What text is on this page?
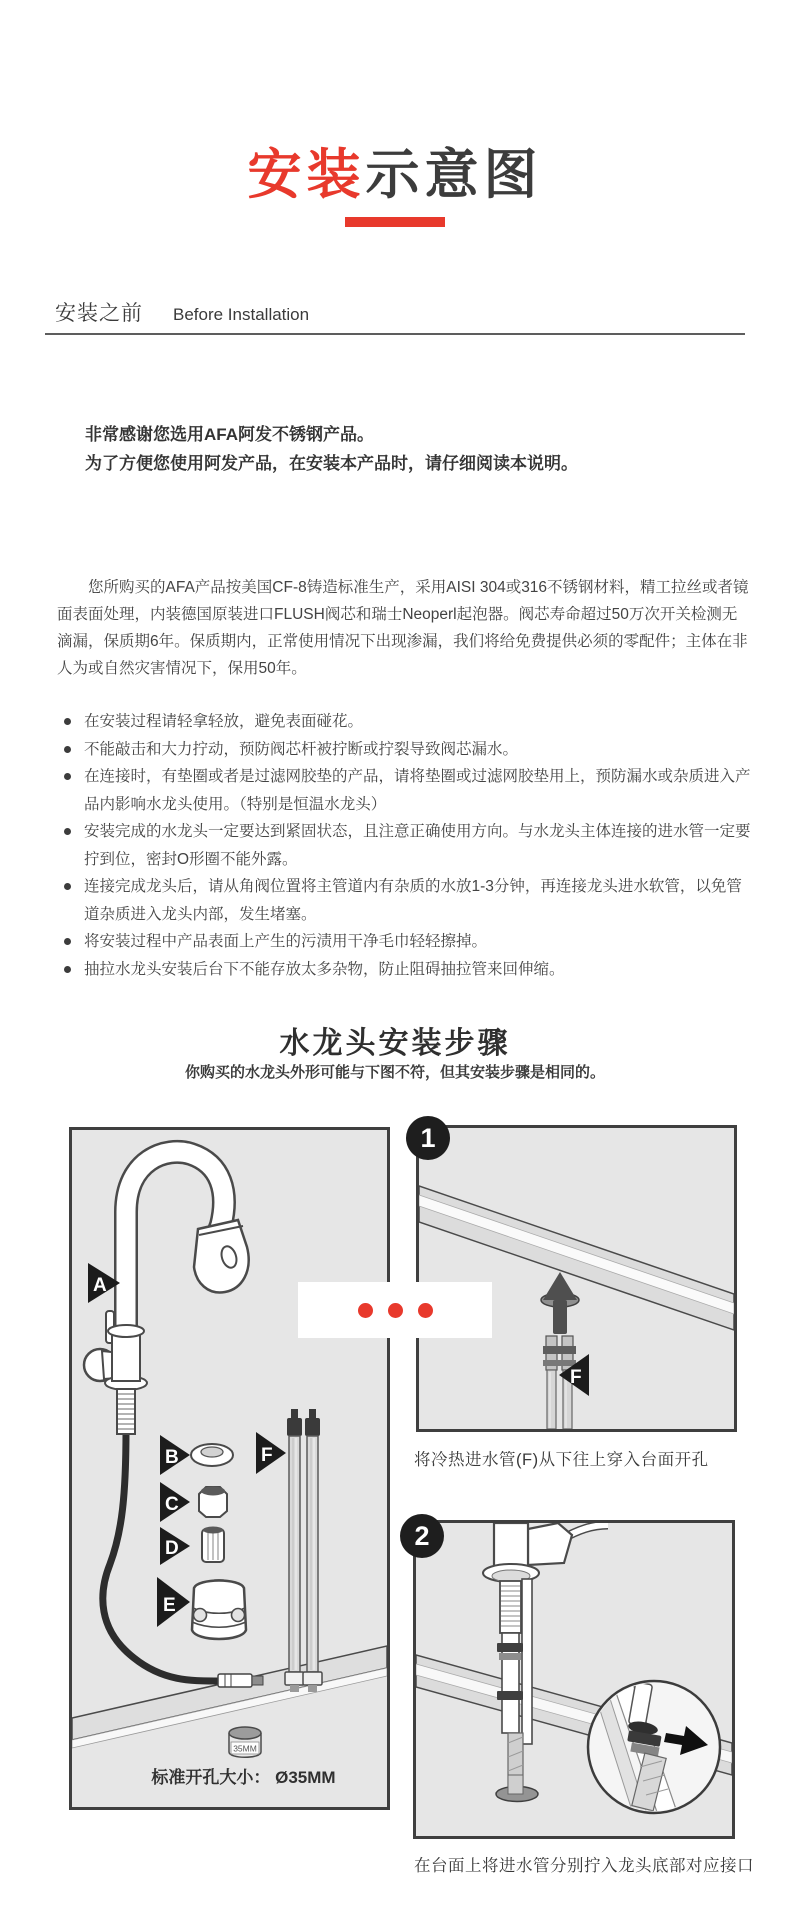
安装示意图
安装之前 Before Installation
非常感谢您选用AFA阿发不锈钢产品。
为了方便您使用阿发产品，在安装本产品时，请仔细阅读本说明。

您所购买的AFA产品按美国CF-8铸造标准生产，采用AISI 304或316不锈钢材料，精工拉丝或者镜面表面处理，内装德国原装进口FLUSH阀芯和瑞士Neoperl起泡器。阀芯寿命超过50万次开关检测无滴漏，保质期6年。保质期内，正常使用情况下出现渗漏，我们将给免费提供必须的零配件；主体在非人为或自然灾害情况下，保用50年。

在安装过程请轻拿轻放，避免表面碰花。
不能敲击和大力拧动，预防阀芯杆被拧断或拧裂导致阀芯漏水。
在连接时，有垫圈或者是过滤网胶垫的产品，请将垫圈或过滤网胶垫用上，预防漏水或杂质进入产品内影响水龙头使用。（特别是恒温水龙头）
安装完成的水龙头一定要达到紧固状态，且注意正确使用方向。与水龙头主体连接的进水管一定要拧到位，密封O形圈不能外露。
连接完成龙头后，请从角阀位置将主管道内有杂质的水放1-3分钟，再连接龙头进水软管，以免管道杂质进入龙头内部，发生堵塞。
将安装过程中产品表面上产生的污渍用干净毛巾轻轻擦掉。
抽拉水龙头安装后台下不能存放太多杂物，防止阻碍抽拉管来回伸缩。
水龙头安装步骤
你购买的水龙头外形可能与下图不符，但其安装步骤是相同的。
A
B
C
D
E
F
35MM
标准开孔大小： Ø35MM
1
F
将冷热进水管(F)从下往上穿入台面开孔
2
在台面上将进水管分别拧入龙头底部对应接口
